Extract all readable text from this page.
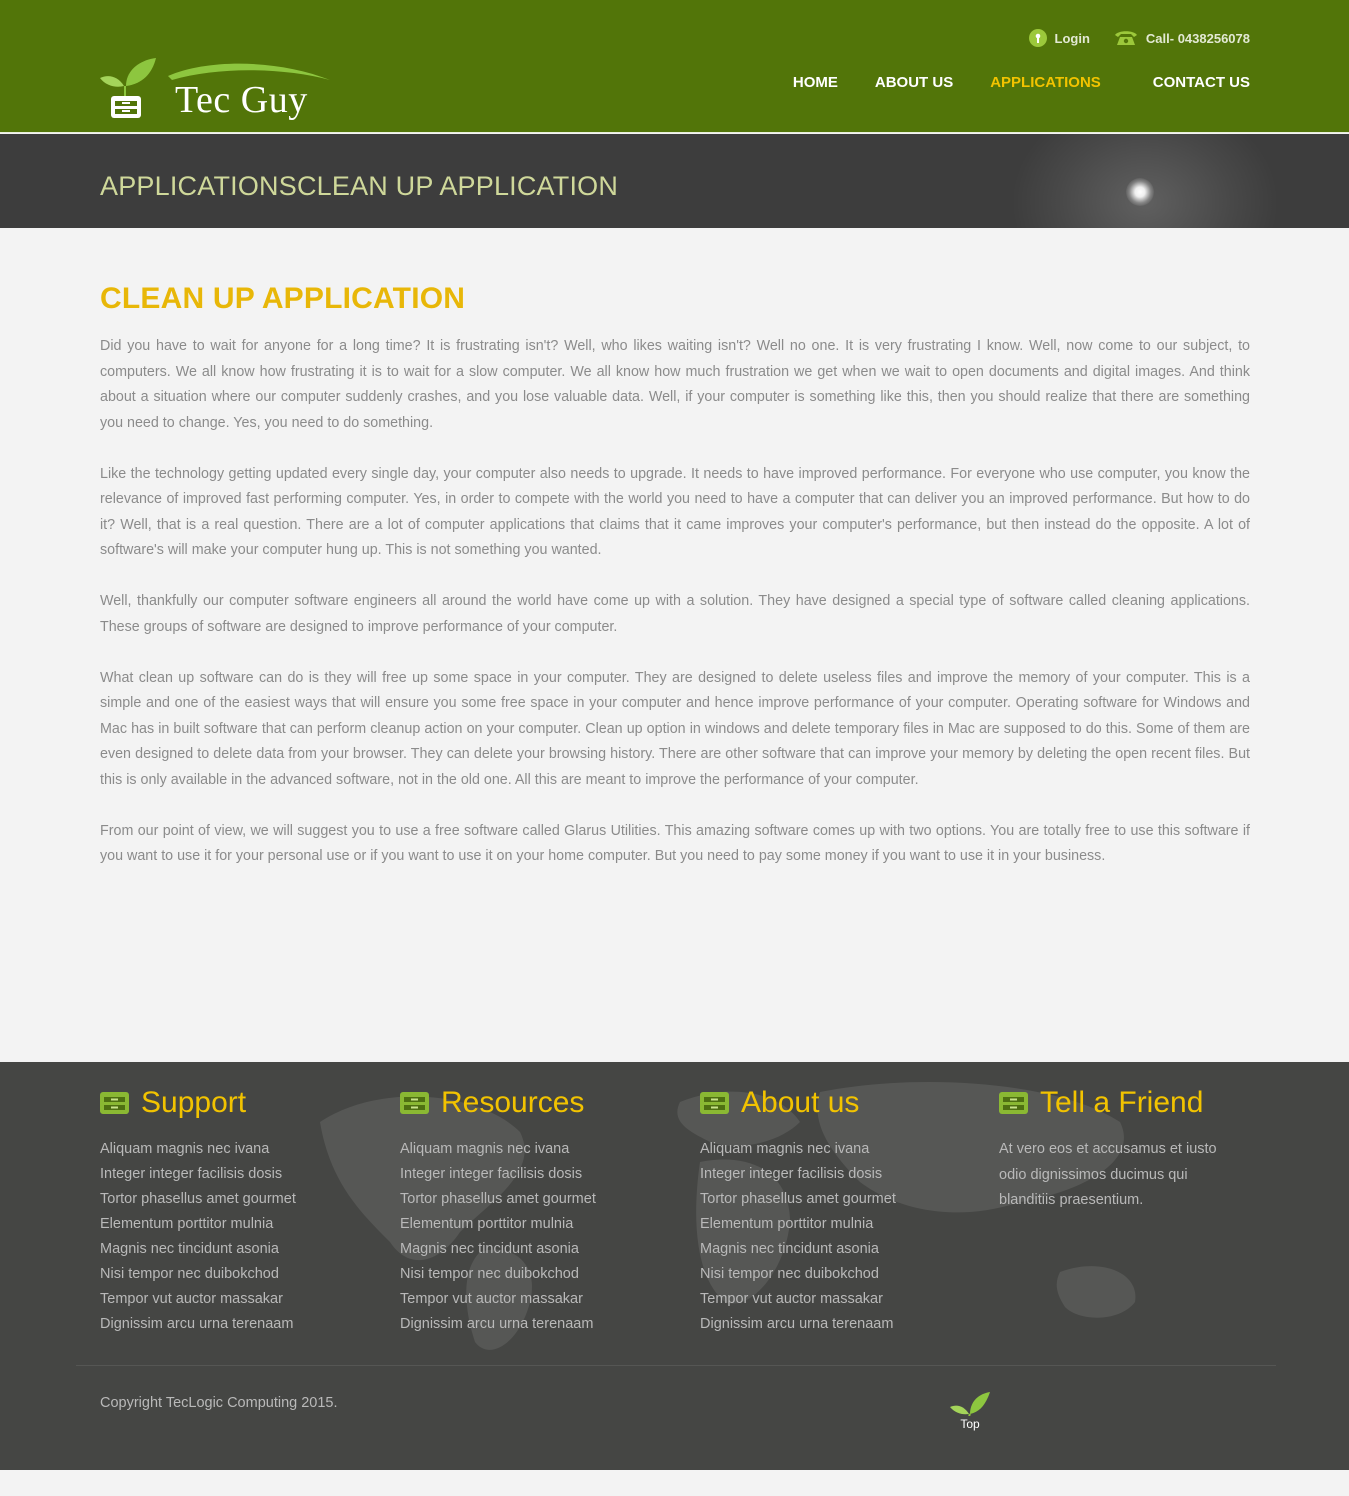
Tec Guy
Login	Call- 0438256078
HOME ABOUT US APPLICATIONS	CONTACT US
APPLICATIONSCLEAN UP APPLICATION
CLEAN UP APPLICATION

Did you have to wait for anyone for a long time? It is frustrating isn't? Well, who likes waiting isn't? Well no one. It is very frustrating I know. Well, now come to our subject, to computers. We all know how frustrating it is to wait for a slow computer. We all know how much frustration we get when we wait to open documents and digital images. And think about a situation where our computer suddenly crashes, and you lose valuable data. Well, if your computer is something like this, then you should realize that there are something you need to change. Yes, you need to do something.

Like the technology getting updated every single day, your computer also needs to upgrade. It needs to have improved performance. For everyone who use computer, you know the relevance of improved fast performing computer. Yes, in order to compete with the world you need to have a computer that can deliver you an improved performance. But how to do it? Well, that is a real question. There are a lot of computer applications that claims that it came improves your computer's performance, but then instead do the opposite. A lot of software's will make your computer hung up. This is not something you wanted.

Well, thankfully our computer software engineers all around the world have come up with a solution. They have designed a special type of software called cleaning applications. These groups of software are designed to improve performance of your computer.

What clean up software can do is they will free up some space in your computer. They are designed to delete useless files and improve the memory of your computer. This is a simple and one of the easiest ways that will ensure you some free space in your computer and hence improve performance of your computer. Operating software for Windows and Mac has in built software that can perform cleanup action on your computer. Clean up option in windows and delete temporary files in Mac are supposed to do this. Some of them are even designed to delete data from your browser. They can delete your browsing history. There are other software that can improve your memory by deleting the open recent files. But this is only available in the advanced software, not in the old one. All this are meant to improve the performance of your computer.

From our point of view, we will suggest you to use a free software called Glarus Utilities. This amazing software comes up with two options. You are totally free to use this software if you want to use it for your personal use or if you want to use it on your home computer. But you need to pay some money if you want to use it in your business.

Support
Aliquam magnis nec ivana
Integer integer facilisis dosis
Tortor phasellus amet gourmet
Elementum porttitor mulnia
Magnis nec tincidunt asonia
Nisi tempor nec duibokchod
Tempor vut auctor massakar
Dignissim arcu urna terenaam
Resources
Aliquam magnis nec ivana
Integer integer facilisis dosis
Tortor phasellus amet gourmet
Elementum porttitor mulnia
Magnis nec tincidunt asonia
Nisi tempor nec duibokchod
Tempor vut auctor massakar
Dignissim arcu urna terenaam
About us
Aliquam magnis nec ivana
Integer integer facilisis dosis
Tortor phasellus amet gourmet
Elementum porttitor mulnia
Magnis nec tincidunt asonia
Nisi tempor nec duibokchod
Tempor vut auctor massakar
Dignissim arcu urna terenaam
Tell a Friend

At vero eos et accusamus et iusto odio dignissimos ducimus qui blanditiis praesentium.

Copyright TecLogic Computing 2015.
Top
